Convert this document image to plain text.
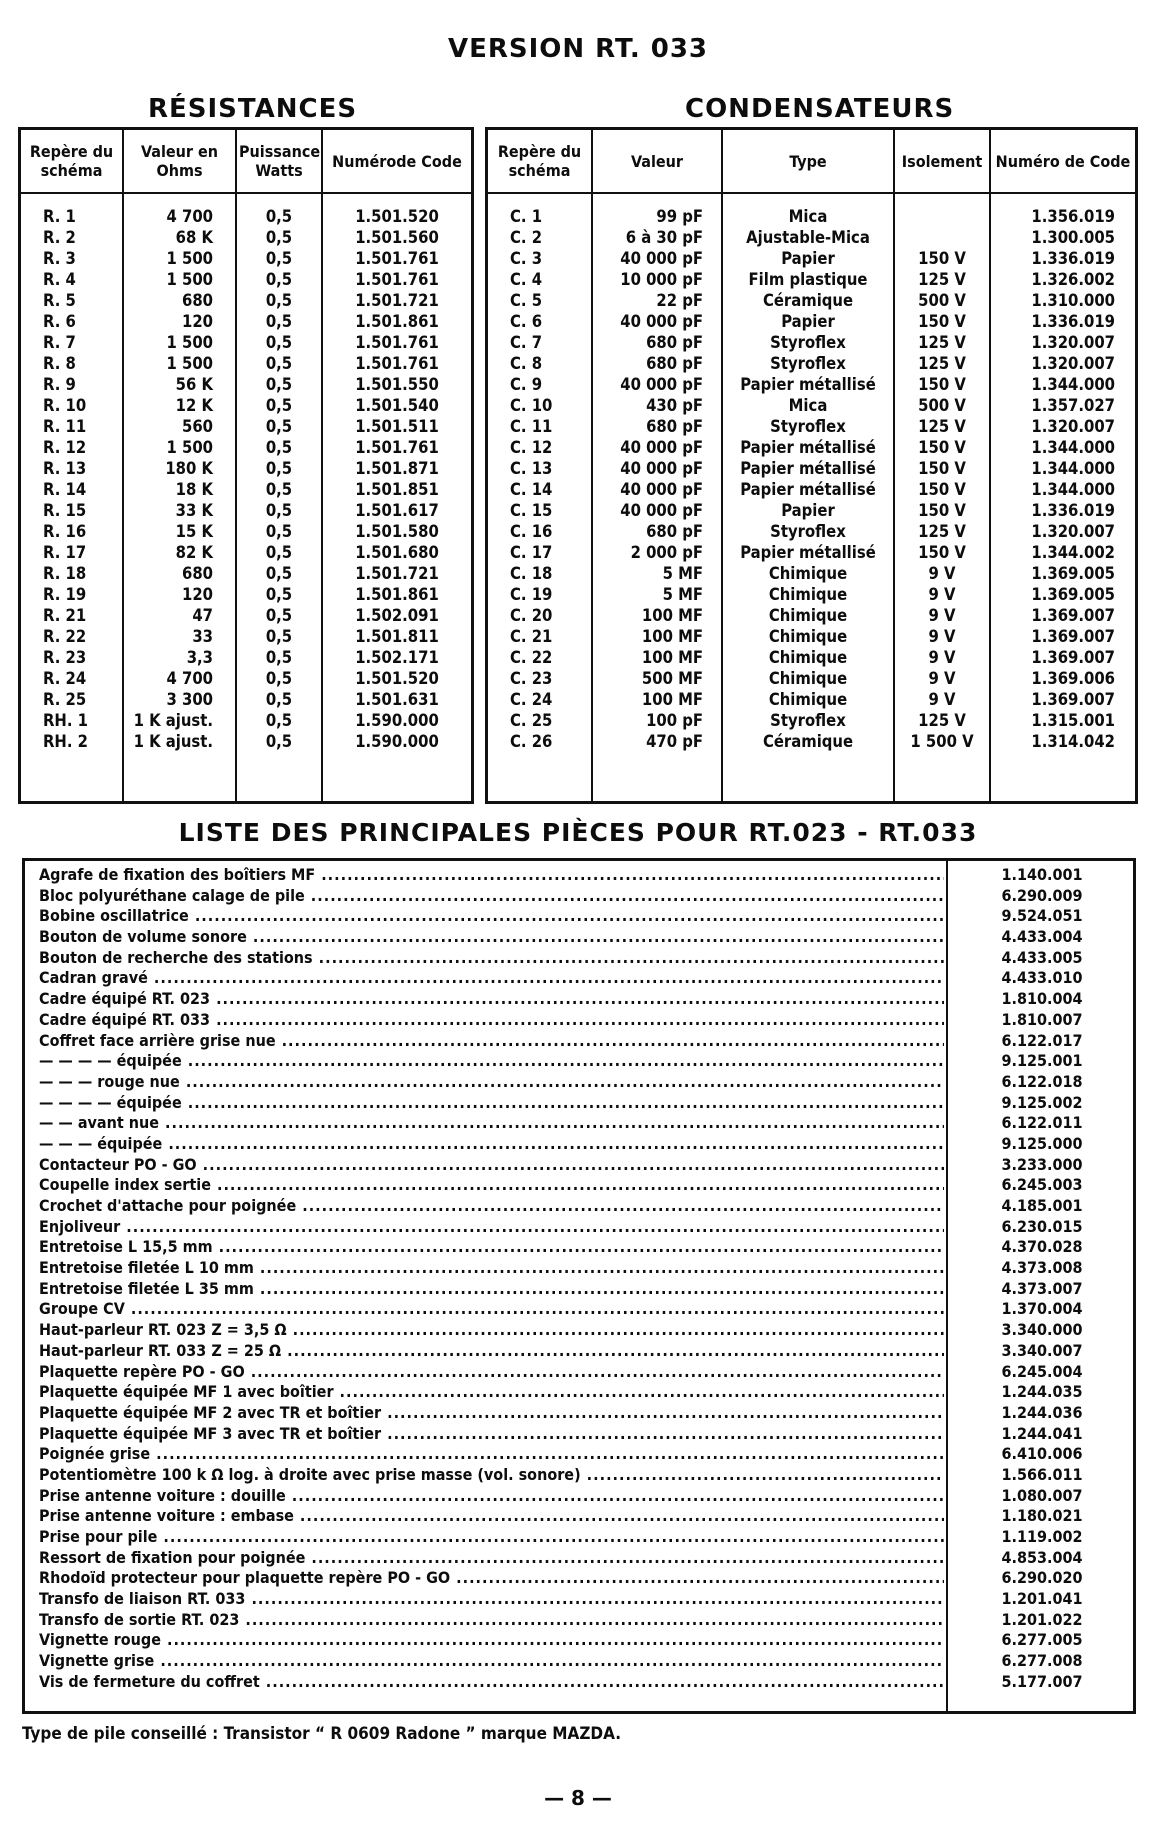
VERSION RT. 033
RÉSISTANCES	CONDENSATEURS
Repère du schéma	Valeur en Ohms	Puissance Watts	Numérode Code

R. 1	4 700	0,5	1.501.520
R. 2	68 K	0,5	1.501.560
R. 3	1 500	0,5	1.501.761
R. 4	1 500	0,5	1.501.761
R. 5	680	0,5	1.501.721
R. 6	120	0,5	1.501.861
R. 7	1 500	0,5	1.501.761
R. 8	1 500	0,5	1.501.761
R. 9	56 K	0,5	1.501.550
R. 10	12 K	0,5	1.501.540
R. 11	560	0,5	1.501.511
R. 12	1 500	0,5	1.501.761
R. 13	180 K	0,5	1.501.871
R. 14	18 K	0,5	1.501.851
R. 15	33 K	0,5	1.501.617
R. 16	15 K	0,5	1.501.580
R. 17	82 K	0,5	1.501.680
R. 18	680	0,5	1.501.721
R. 19	120	0,5	1.501.861
R. 21	47	0,5	1.502.091
R. 22	33	0,5	1.501.811
R. 23	3,3	0,5	1.502.171
R. 24	4 700	0,5	1.501.520
R. 25	3 300	0,5	1.501.631
RH. 1	1 K ajust.	0,5	1.590.000
RH. 2	1 K ajust.	0,5	1.590.000

Repère du schéma	Valeur	Type	Isolement	Numéro de Code

C. 1	99 pF	Mica		1.356.019
C. 2	6 à 30 pF	Ajustable-Mica		1.300.005
C. 3	40 000 pF	Papier	150 V	1.336.019
C. 4	10 000 pF	Film plastique	125 V	1.326.002
C. 5	22 pF	Céramique	500 V	1.310.000
C. 6	40 000 pF	Papier	150 V	1.336.019
C. 7	680 pF	Styroflex	125 V	1.320.007
C. 8	680 pF	Styroflex	125 V	1.320.007
C. 9	40 000 pF	Papier métallisé	150 V	1.344.000
C. 10	430 pF	Mica	500 V	1.357.027
C. 11	680 pF	Styroflex	125 V	1.320.007
C. 12	40 000 pF	Papier métallisé	150 V	1.344.000
C. 13	40 000 pF	Papier métallisé	150 V	1.344.000
C. 14	40 000 pF	Papier métallisé	150 V	1.344.000
C. 15	40 000 pF	Papier	150 V	1.336.019
C. 16	680 pF	Styroflex	125 V	1.320.007
C. 17	2 000 pF	Papier métallisé	150 V	1.344.002
C. 18	5 MF	Chimique	9 V	1.369.005
C. 19	5 MF	Chimique	9 V	1.369.005
C. 20	100 MF	Chimique	9 V	1.369.007
C. 21	100 MF	Chimique	9 V	1.369.007
C. 22	100 MF	Chimique	9 V	1.369.007
C. 23	500 MF	Chimique	9 V	1.369.006
C. 24	100 MF	Chimique	9 V	1.369.007
C. 25	100 pF	Styroflex	125 V	1.315.001
C. 26	470 pF	Céramique	1 500 V	1.314.042

LISTE DES PRINCIPALES PIÈCES POUR RT.023 - RT.033
Agrafe de fixation des boîtiers MF .....	1.140.001
Bloc polyuréthane calage de pile .....	6.290.009
Bobine oscillatrice .....	9.524.051
Bouton de volume sonore .....	4.433.004
Bouton de recherche des stations .....	4.433.005
Cadran gravé .....	4.433.010
Cadre équipé RT. 023 .....	1.810.004
Cadre équipé RT. 033 .....	1.810.007
Coffret face arrière grise nue .....	6.122.017
— — — — équipée .....	9.125.001
— — — rouge nue .....	6.122.018
— — — — équipée .....	9.125.002
— — avant nue .....	6.122.011
— — — équipée .....	9.125.000
Contacteur PO - GO .....	3.233.000
Coupelle index sertie .....	6.245.003
Crochet d'attache pour poignée .....	4.185.001
Enjoliveur .....	6.230.015
Entretoise L 15,5 mm .....	4.370.028
Entretoise filetée L 10 mm .....	4.373.008
Entretoise filetée L 35 mm .....	4.373.007
Groupe CV .....	1.370.004
Haut-parleur RT. 023 Z = 3,5 Ω .....	3.340.000
Haut-parleur RT. 033 Z = 25 Ω .....	3.340.007
Plaquette repère PO - GO .....	6.245.004
Plaquette équipée MF 1 avec boîtier .....	1.244.035
Plaquette équipée MF 2 avec TR et boîtier .....	1.244.036
Plaquette équipée MF 3 avec TR et boîtier .....	1.244.041
Poignée grise .....	6.410.006
Potentiomètre 100 k Ω log. à droite avec prise masse (vol. sonore) .....	1.566.011
Prise antenne voiture : douille .....	1.080.007
Prise antenne voiture : embase .....	1.180.021
Prise pour pile .....	1.119.002
Ressort de fixation pour poignée .....	4.853.004
Rhodoïd protecteur pour plaquette repère PO - GO .....	6.290.020
Transfo de liaison RT. 033 .....	1.201.041
Transfo de sortie RT. 023 .....	1.201.022
Vignette rouge .....	6.277.005
Vignette grise .....	6.277.008
Vis de fermeture du coffret .....	5.177.007
Type de pile conseillé : Transistor “ R 0609 Radone ” marque MAZDA.
— 8 —
